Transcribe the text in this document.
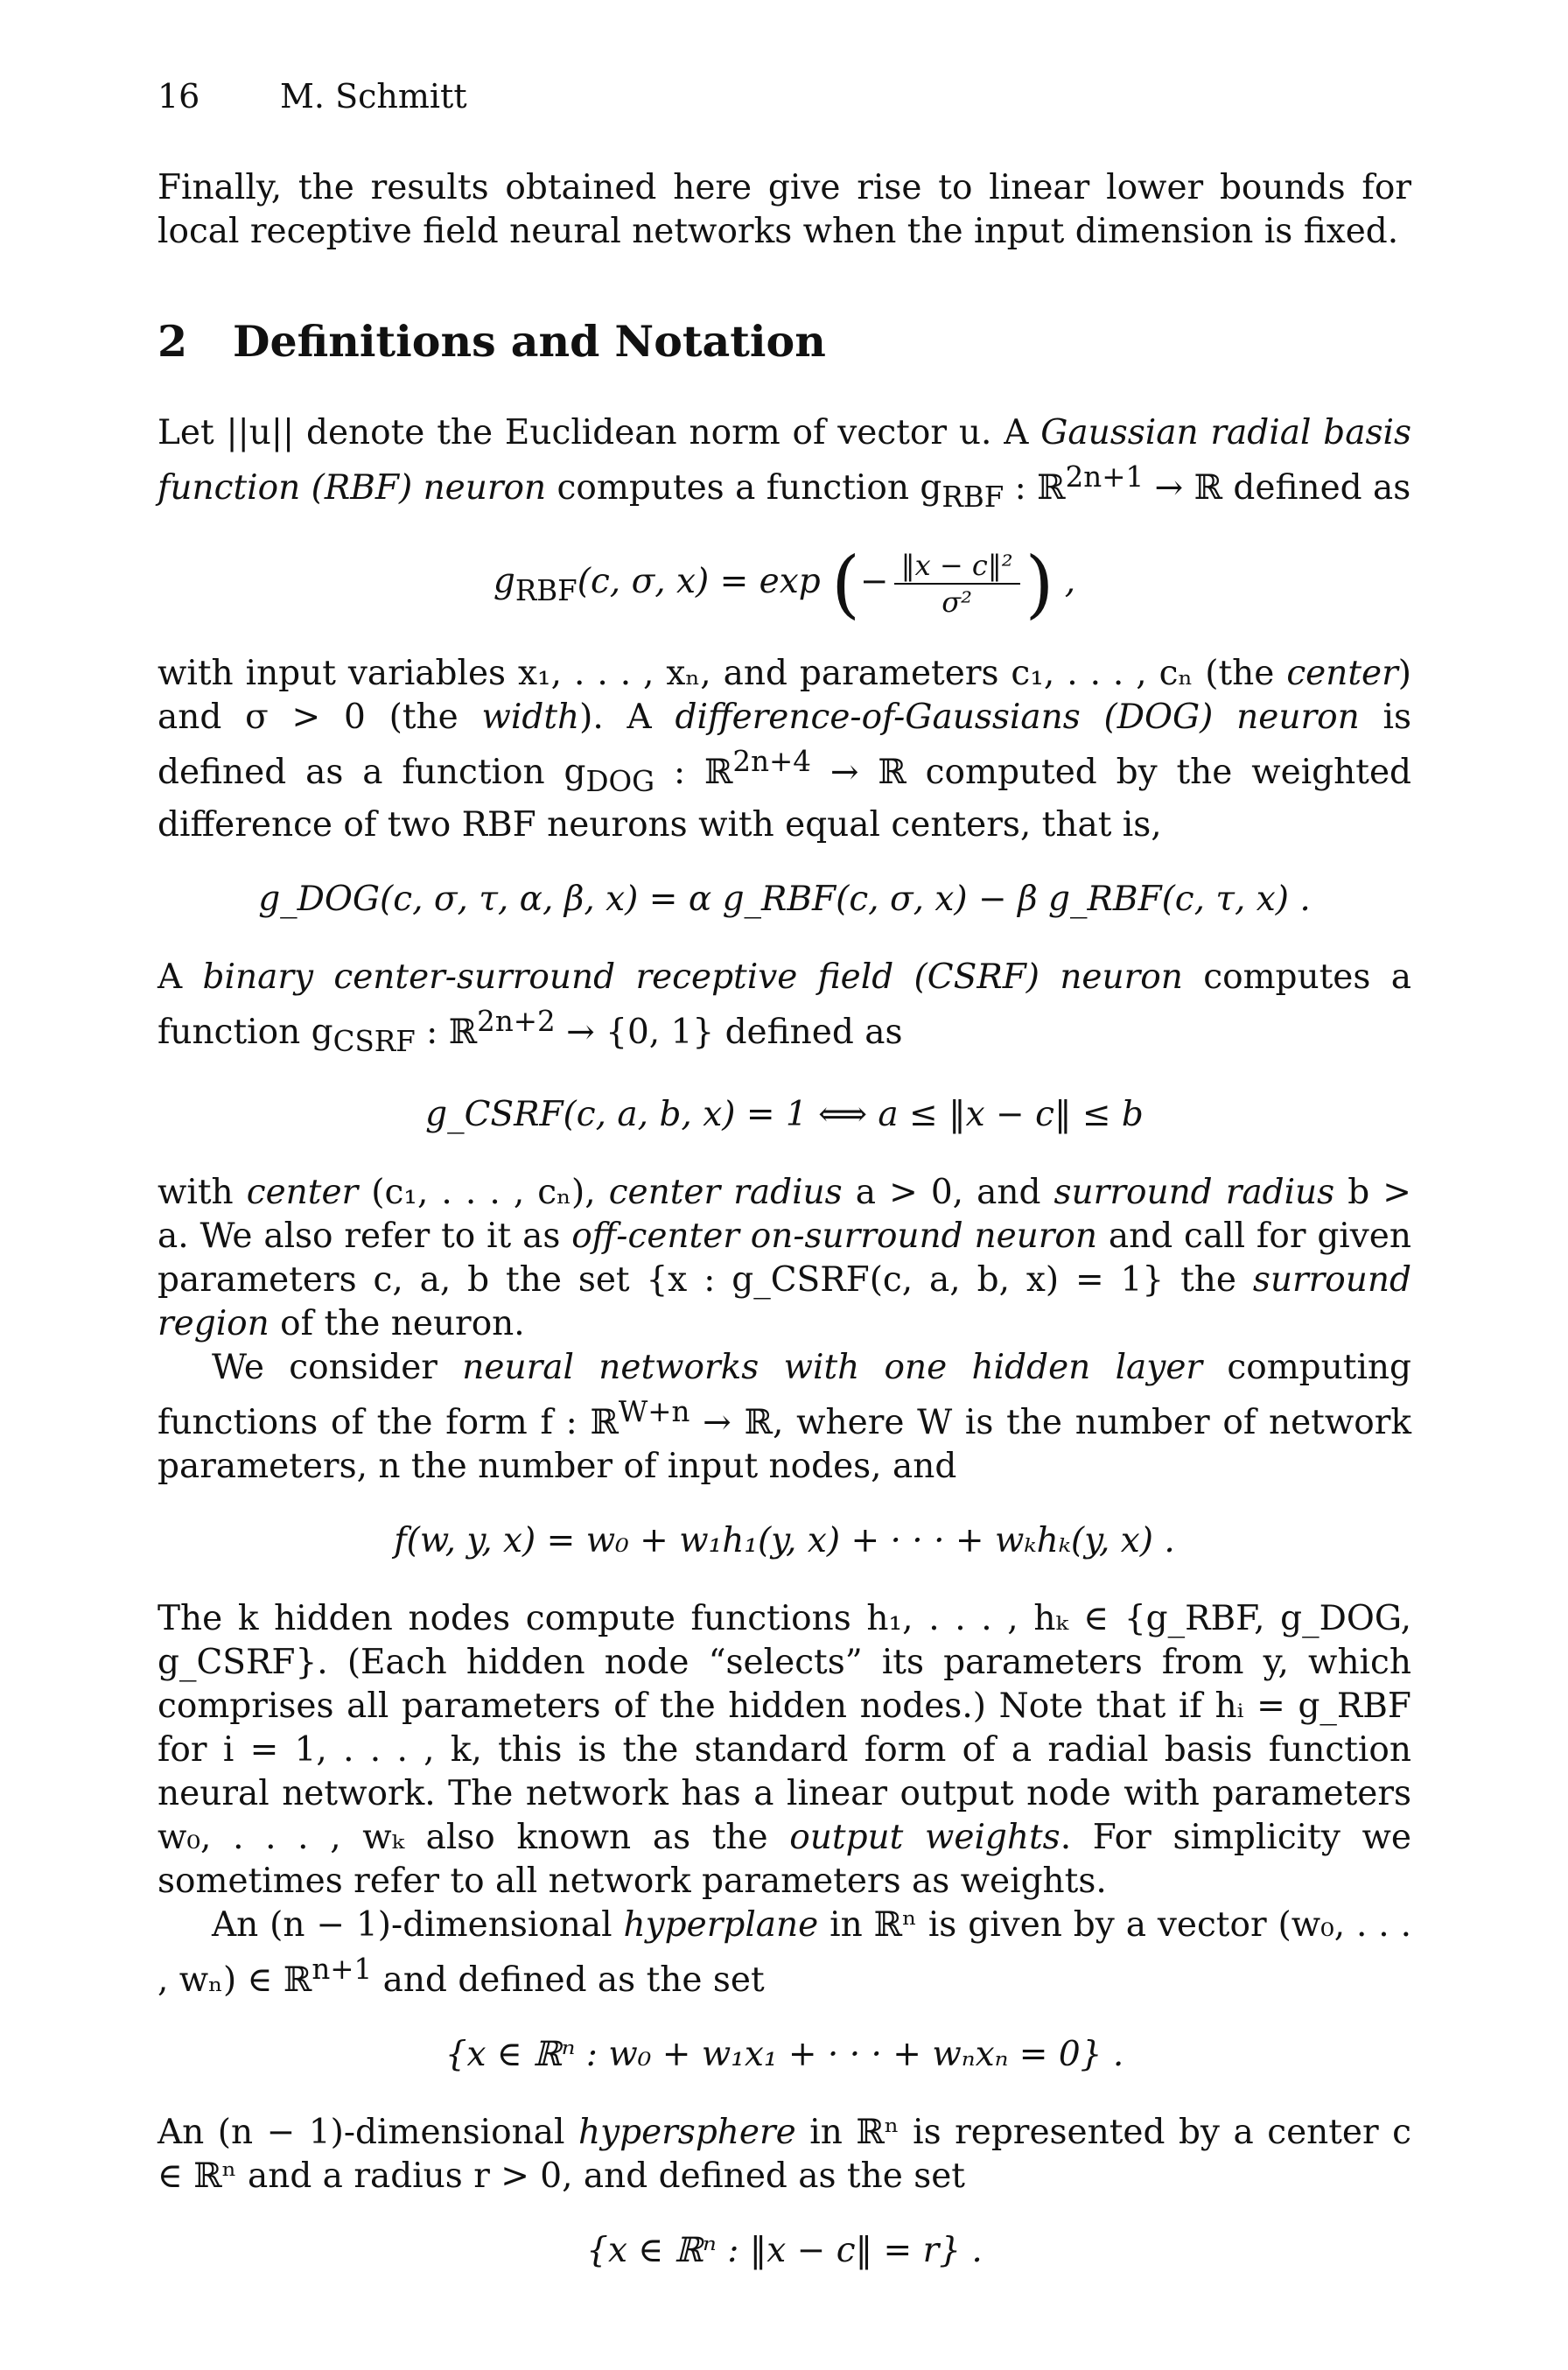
16 M. Schmitt

Finally, the results obtained here give rise to linear lower bounds for local receptive field neural networks when the input dimension is fixed.

2 Definitions and Notation

Let ||u|| denote the Euclidean norm of vector u. A Gaussian radial basis function (RBF) neuron computes a function $g_{RBF}$ : ℝ$^{2n+1}$ → ℝ defined as

$g_{RBF}(c$, σ, x) = exp (− $\frac{\text{‖x − c‖²}}{\text{σ²}}$ ) ,

with input variables x₁, . . . , xₙ, and parameters c₁, . . . , cₙ (the center) and σ > 0 (the width). A difference-of-Gaussians (DOG) neuron is defined as a function $g_{DOG}$ : ℝ$^{2n+4}$ → ℝ computed by the weighted difference of two RBF neurons with equal centers, that is,

g_DOG(c, σ, τ, α, β, x) = α g_RBF(c, σ, x) − β g_RBF(c, τ, x) .

A binary center-surround receptive field (CSRF) neuron computes a function $g_{CSRF}$ : ℝ$^{2n+2}$ → {0, 1} defined as

g_CSRF(c, a, b, x) = 1 ⟺ a ≤ ‖x − c‖ ≤ b

with center (c₁, . . . , cₙ), center radius a > 0, and surround radius b > a. We also refer to it as off-center on-surround neuron and call for given parameters c, a, b the set {x : g_CSRF(c, a, b, x) = 1} the surround region of the neuron.

We consider neural networks with one hidden layer computing functions of the form f : ℝ$^{W+n}$ → ℝ, where W is the number of network parameters, n the number of input nodes, and

f(w, y, x) = w₀ + w₁h₁(y, x) + · · · + wₖhₖ(y, x) .

The k hidden nodes compute functions h₁, . . . , hₖ ∈ {g_RBF, g_DOG, g_CSRF}. (Each hidden node “selects” its parameters from y, which comprises all parameters of the hidden nodes.) Note that if hᵢ = g_RBF for i = 1, . . . , k, this is the standard form of a radial basis function neural network. The network has a linear output node with parameters w₀, . . . , wₖ also known as the output weights. For simplicity we sometimes refer to all network parameters as weights.

An (n − 1)-dimensional hyperplane in ℝⁿ is given by a vector (w₀, . . . , wₙ) ∈ ℝ$^{n+1}$ and defined as the set

{x ∈ ℝⁿ : w₀ + w₁x₁ + · · · + wₙxₙ = 0} .

An (n − 1)-dimensional hypersphere in ℝⁿ is represented by a center c ∈ ℝⁿ and a radius r > 0, and defined as the set

{x ∈ ℝⁿ : ‖x − c‖ = r} .
